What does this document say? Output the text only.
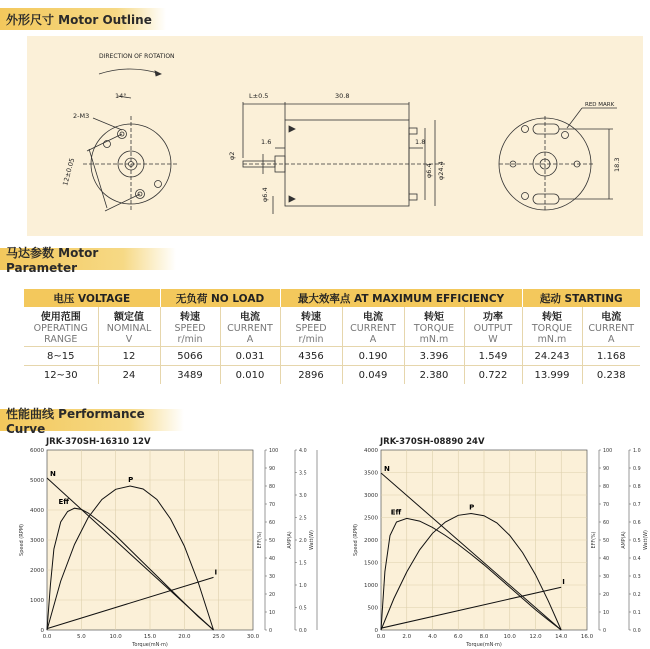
外形尺寸 Motor Outline
DIRECTION OF ROTATION
14°
2-M3
12±0.05
L±0.5	30.8
1.6
φ2
φ6.4
1.8
φ6.4 φ24.4
RED MARK
18.3
马达参数 Motor Parameter
电压 VOLTAGE		无负荷 NO LOAD		最大效率点 AT MAXIMUM EFFICIENCY				起动 STARTING	
使用范围	额定值	转速	电流	转速	电流	转矩	功率	转矩	电流
OPERATING	NOMINAL	SPEED	CURRENT	SPEED	CURRENT	TORQUE	OUTPUT	TORQUE	CURRENT
RANGE	V	r/min	A	r/min	A	mN.m	W	mN.m	A
8~15	12	5066	0.031	4356	0.190	3.396	1.549	24.243	1.168
12~30	24	3489	0.010	2896	0.049	2.380	0.722	13.999	0.238
性能曲线 Performance Curve
JRK-370SH-16310 12V	JRK-370SH-08890 24V
0.0	5.0	10.0	15.0	20.0	25.0	30.0
0
1000
2000
3000
4000
5000
6000
0
10
20
30
40
50
60
70
80
90
100
EFF(%)
0.0
0.5
1.0
1.5
2.0
2.5
3.0
3.5
4.0
AMP(A)	Watt(W)
Torque(mN·m)
Speed (RPM)
N
P
Eff
I
0.0	2.0	4.0	6.0	8.0	10.0 12.0 14.0 16.0
0
500
1000
1500
2000
2500
3000
3500
4000
0
10
20
30
40
50
60
70
80
90
100
EFF(%)
0.0
0.1
0.2
0.3
0.4
0.5
0.6
0.7
0.8
0.9
1.0
AMP(A)	Watt(W)
Torque(mN·m)
Speed (RPM)
N
P
Eff
I
